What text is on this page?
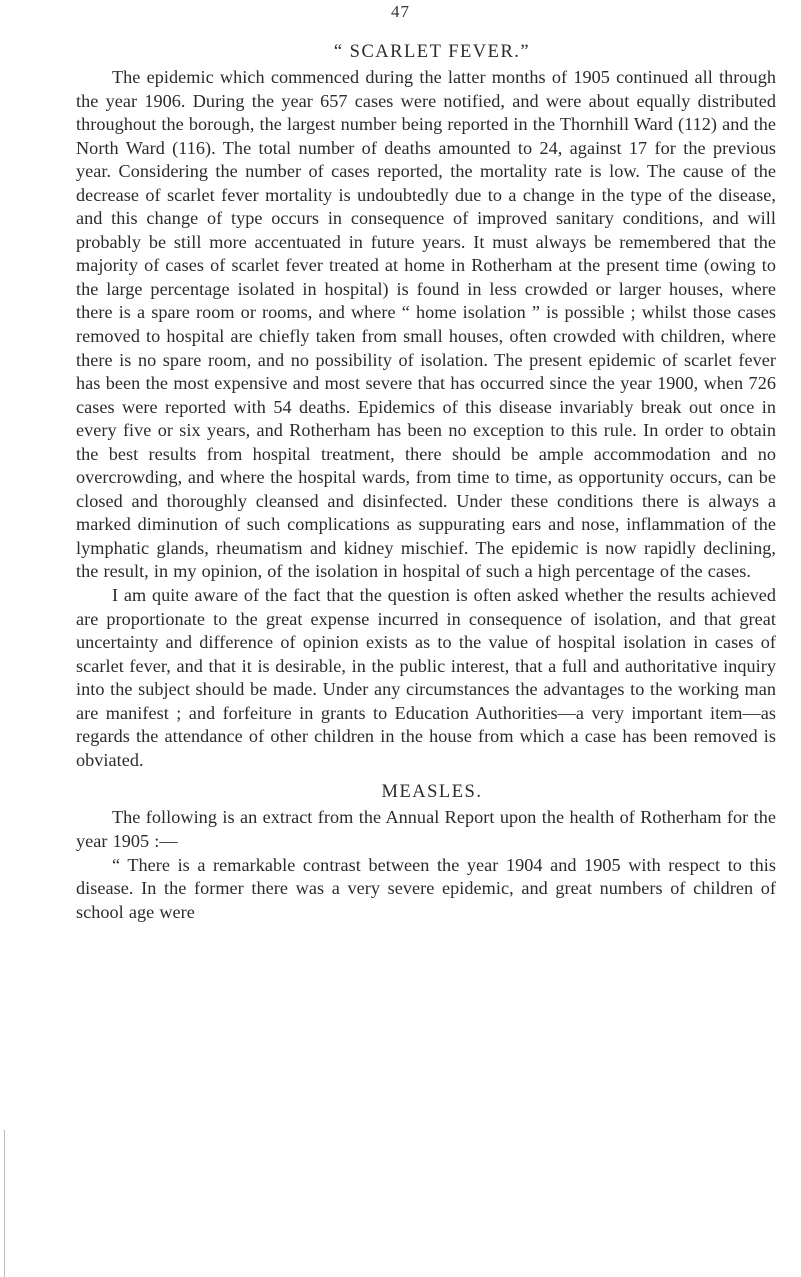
47
“ SCARLET FEVER.”

The epidemic which commenced during the latter months of 1905 continued all through the year 1906. During the year 657 cases were notified, and were about equally distributed throughout the borough, the largest number being reported in the Thornhill Ward (112) and the North Ward (116). The total number of deaths amounted to 24, against 17 for the previous year. Considering the number of cases reported, the mortality rate is low. The cause of the decrease of scarlet fever mortality is undoubtedly due to a change in the type of the disease, and this change of type occurs in consequence of improved sanitary conditions, and will probably be still more accentuated in future years. It must always be remembered that the majority of cases of scarlet fever treated at home in Rotherham at the present time (owing to the large percentage isolated in hospital) is found in less crowded or larger houses, where there is a spare room or rooms, and where “ home isolation ” is possible ; whilst those cases removed to hospital are chiefly taken from small houses, often crowded with children, where there is no spare room, and no possibility of isolation. The present epidemic of scarlet fever has been the most expensive and most severe that has occurred since the year 1900, when 726 cases were reported with 54 deaths. Epidemics of this disease invariably break out once in every five or six years, and Rotherham has been no exception to this rule. In order to obtain the best results from hospital treatment, there should be ample accommodation and no overcrowding, and where the hospital wards, from time to time, as opportunity occurs, can be closed and thoroughly cleansed and disinfected. Under these conditions there is always a marked diminution of such complications as suppurating ears and nose, inflammation of the lymphatic glands, rheumatism and kidney mischief. The epidemic is now rapidly declining, the result, in my opinion, of the isolation in hospital of such a high percentage of the cases.

I am quite aware of the fact that the question is often asked whether the results achieved are proportionate to the great expense incurred in consequence of isolation, and that great uncertainty and difference of opinion exists as to the value of hospital isolation in cases of scarlet fever, and that it is desirable, in the public interest, that a full and authoritative inquiry into the subject should be made. Under any circumstances the advantages to the working man are manifest ; and forfeiture in grants to Education Authorities—a very important item—as regards the attendance of other children in the house from which a case has been removed is obviated.

MEASLES.

The following is an extract from the Annual Report upon the health of Rotherham for the year 1905 :—

“ There is a remarkable contrast between the year 1904 and 1905 with respect to this disease. In the former there was a very severe epidemic, and great numbers of children of school age were
